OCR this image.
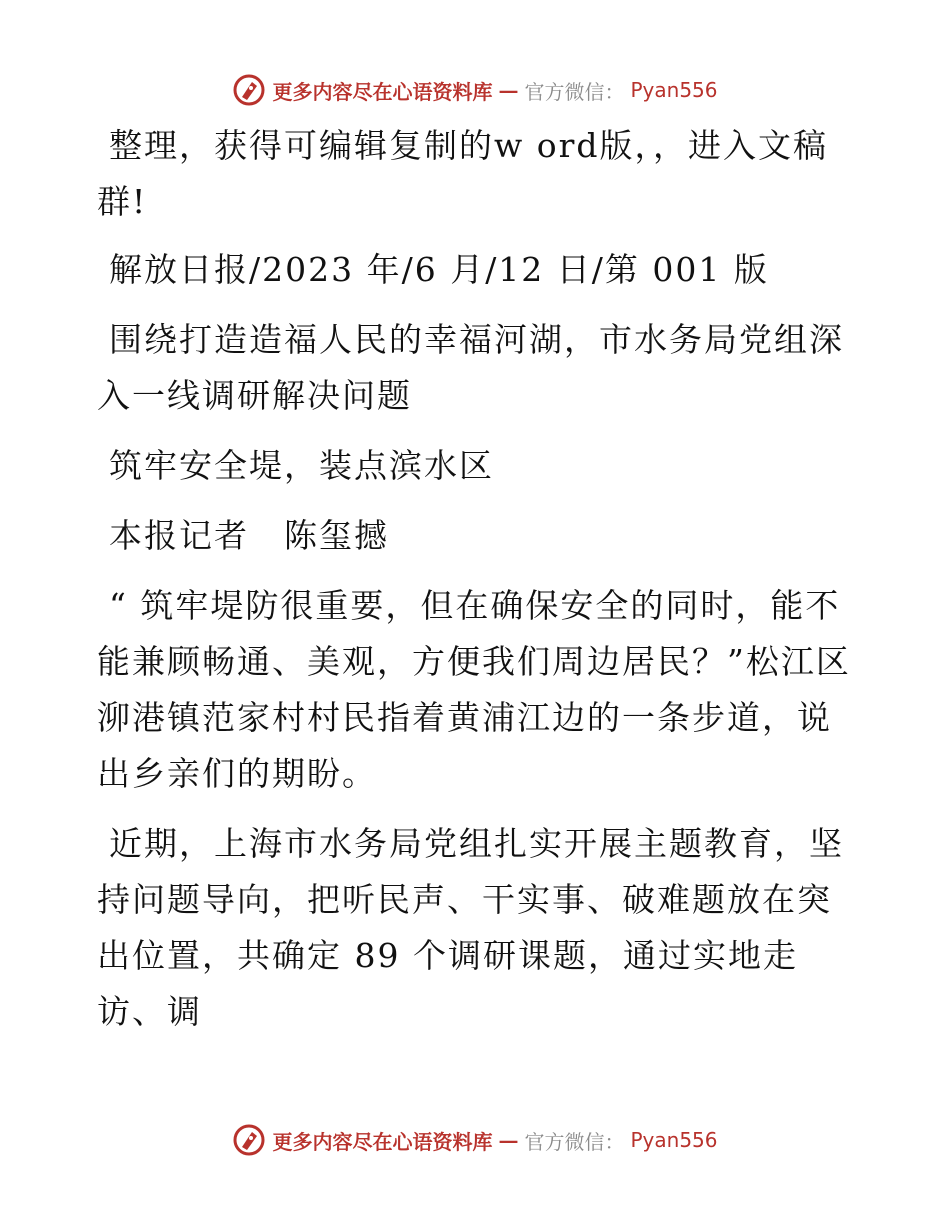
更多内容尽在心语资料库 — 官方微信： Pyan556

整理，获得可编辑复制的w ord版，，进入文稿群!

解放日报/2023 年/6 月/12 日/第 001 版

围绕打造造福人民的幸福河湖，市水务局党组深入一线调研解决问题

筑牢安全堤，装点滨水区

本报记者　陈玺撼

“ 筑牢堤防很重要，但在确保安全的同时，能不能兼顾畅通、美观，方便我们周边居民？”松江区泖港镇范家村村民指着黄浦江边的一条步道，说出乡亲们的期盼。

近期，上海市水务局党组扎实开展主题教育，坚持问题导向，把听民声、干实事、破难题放在突出位置，共确定 89 个调研课题，通过实地走访、调

更多内容尽在心语资料库 — 官方微信： Pyan556
